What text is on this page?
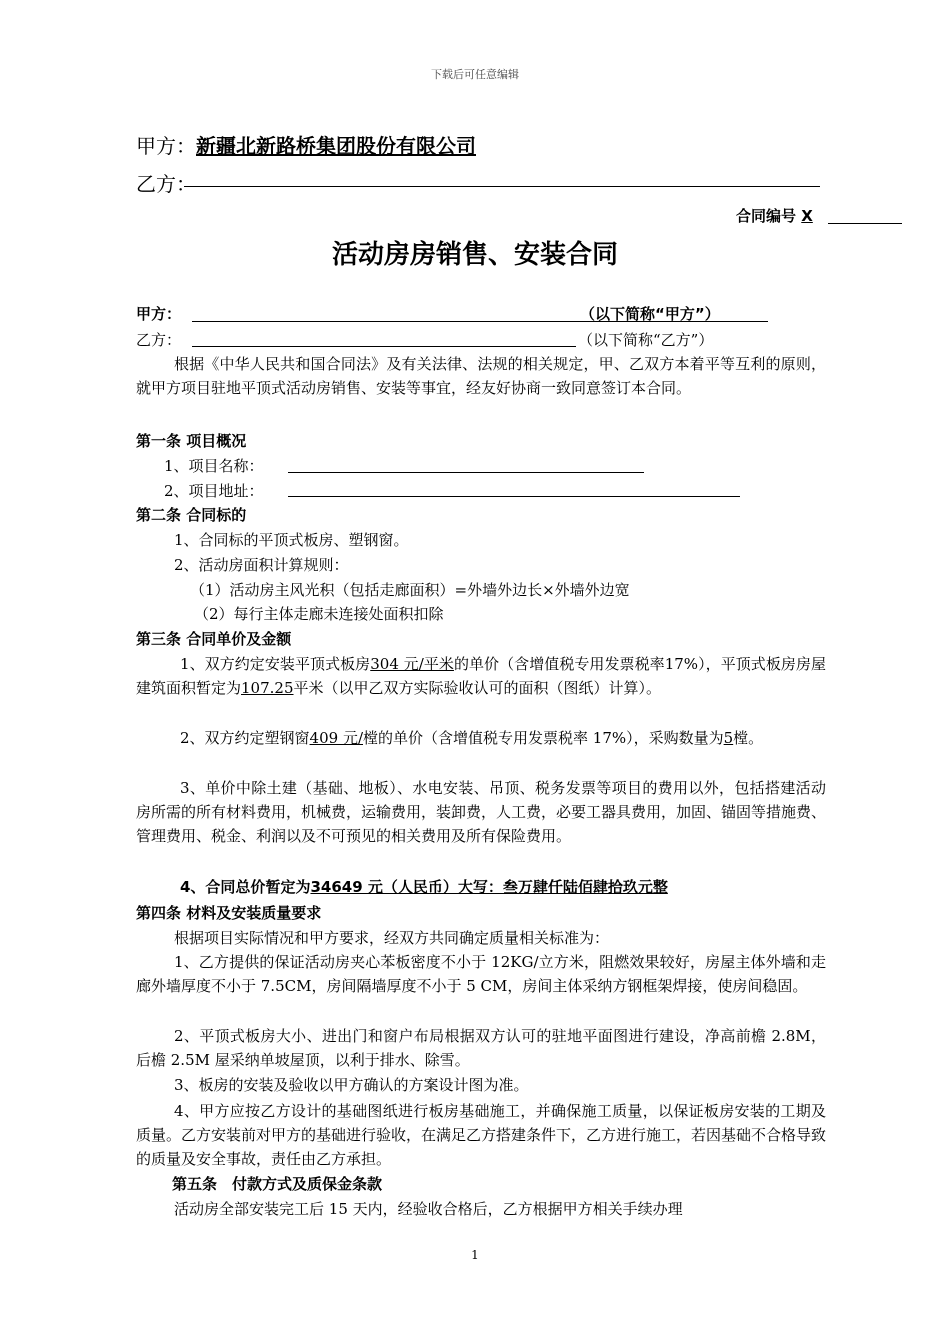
下载后可任意编辑
甲方：新疆北新路桥集团股份有限公司
乙方：
合同编号 X
活动房房销售、安装合同
甲方：	（以下简称“甲方”）
乙方：	（以下简称“乙方”）
根据《中华人民共和国合同法》及有关法律、法规的相关规定，甲、乙双方本着平等互利的原则，就甲方项目驻地平顶式活动房销售、安装等事宜，经友好协商一致同意签订本合同。
第一条 项目概况
1、项目名称：
2、项目地址：
第二条 合同标的
1、合同标的平顶式板房、塑钢窗。
2、活动房面积计算规则：
（1）活动房主风光积（包括走廊面积）=外墙外边长×外墙外边宽
（2）每行主体走廊未连接处面积扣除
第三条 合同单价及金额
1、双方约定安装平顶式板房304 元/平米的单价（含增值税专用发票税率17%），平顶式板房房屋建筑面积暂定为107.25平米（以甲乙双方实际验收认可的面积（图纸）计算）。
2、双方约定塑钢窗409 元/樘的单价（含增值税专用发票税率 17%），采购数量为5樘。
3、单价中除土建（基础、地板）、水电安装、吊顶、税务发票等项目的费用以外，包括搭建活动房所需的所有材料费用，机械费，运输费用，装卸费，人工费，必要工器具费用，加固、锚固等措施费、管理费用、税金、利润以及不可预见的相关费用及所有保险费用。
4、合同总价暂定为34649 元（人民币）大写：叁万肆仟陆佰肆拾玖元整
第四条 材料及安装质量要求
根据项目实际情况和甲方要求，经双方共同确定质量相关标准为：
1、乙方提供的保证活动房夹心苯板密度不小于 12KG/立方米，阻燃效果较好，房屋主体外墙和走廊外墙厚度不小于 7.5CM，房间隔墙厚度不小于 5 CM，房间主体采纳方钢框架焊接，使房间稳固。
2、平顶式板房大小、进出门和窗户布局根据双方认可的驻地平面图进行建设，净高前檐 2.8M，后檐 2.5M 屋采纳单坡屋顶，以利于排水、除雪。
3、板房的安装及验收以甲方确认的方案设计图为准。
4、甲方应按乙方设计的基础图纸进行板房基础施工，并确保施工质量，以保证板房安装的工期及质量。乙方安装前对甲方的基础进行验收，在满足乙方搭建条件下，乙方进行施工，若因基础不合格导致的质量及安全事故，责任由乙方承担。
第五条　付款方式及质保金条款
活动房全部安装完工后 15 天内，经验收合格后，乙方根据甲方相关手续办理
1
